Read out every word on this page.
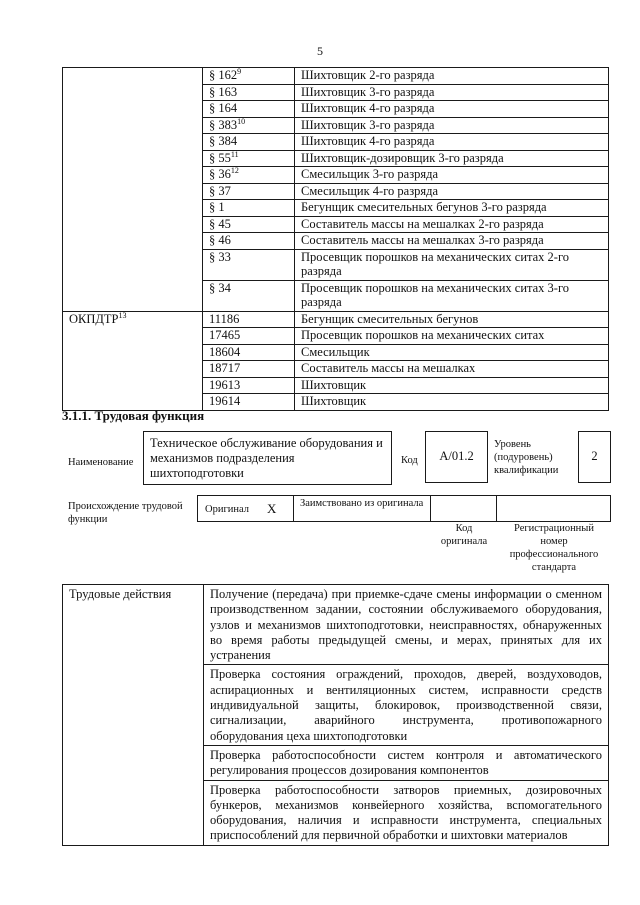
5
	§ $162^9$	Шихтовщик 2-го разряда
	§ 163	Шихтовщик 3-го разряда
	§ 164	Шихтовщик 4-го разряда
	§ $383^{10}$	Шихтовщик 3-го разряда
	§ 384	Шихтовщик 4-го разряда
	§ $55^{11}$	Шихтовщик-дозировщик 3-го разряда
	§ $36^{12}$	Смесильщик 3-го разряда
	§ 37	Смесильщик 4-го разряда
	§ 1	Бегунщик смесительных бегунов 3-го разряда
	§ 45	Составитель массы на мешалках 2-го разряда
	§ 46	Составитель массы на мешалках 3-го разряда
	§ 33	Просевщик порошков на механических ситах 2-го разряда
	§ 34	Просевщик порошков на механических ситах 3-го разряда
ОКПДТР$^{13}$	11186	Бегунщик смесительных бегунов
	17465	Просевщик порошков на механических ситах
	18604	Смесильщик
	18717	Составитель массы на мешалках
	19613	Шихтовщик
	19614	Шихтовщик
3.1.1. Трудовая функция
Наименование
Техническое обслуживание оборудования и механизмов подразделения шихтоподготовки
Код	А/01.2
Уровень (подуровень) квалификации
2
Происхождение трудовой функции
Оригинал X Заимствовано из оригинала
Код оригинала
Регистрационный номер профессионального стандарта
Трудовые действия	Получение (передача) при приемке-сдаче смены информации о сменном производственном задании, состоянии обслуживаемого оборудования, узлов и механизмов шихтоподготовки, неисправностях, обнаруженных во время работы предыдущей смены, и мерах, принятых для их устранения
Проверка состояния ограждений, проходов, дверей, воздуховодов, аспирационных и вентиляционных систем, исправности средств индивидуальной защиты, блокировок, производственной связи, сигнализации, аварийного инструмента, противопожарного оборудования цеха шихтоподготовки
Проверка работоспособности систем контроля и автоматического регулирования процессов дозирования компонентов
Проверка работоспособности затворов приемных, дозировочных бункеров, механизмов конвейерного хозяйства, вспомогательного оборудования, наличия и исправности инструмента, специальных приспособлений для первичной обработки и шихтовки материалов
